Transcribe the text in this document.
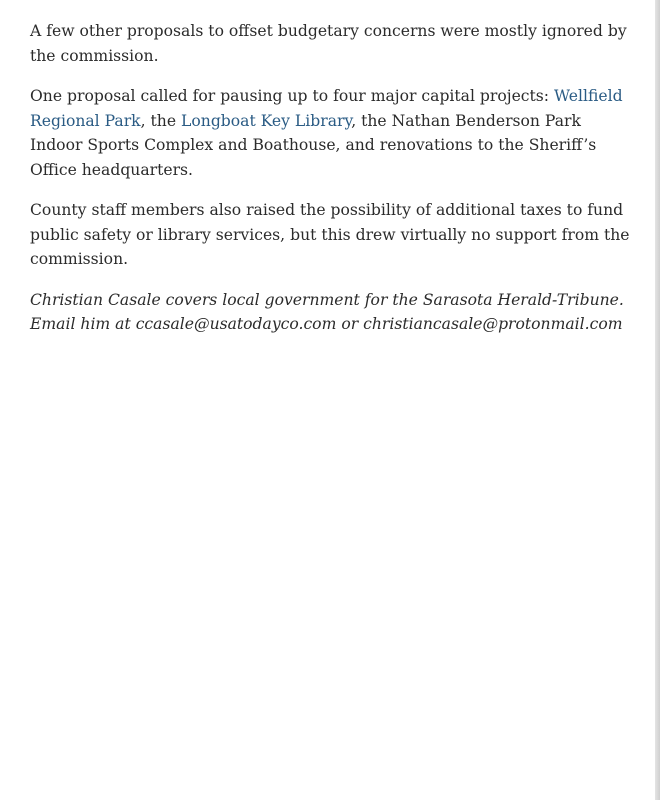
A few other proposals to offset budgetary concerns were mostly ignored by the commission.

One proposal called for pausing up to four major capital projects: Wellfield Regional Park, the Longboat Key Library, the Nathan Benderson Park Indoor Sports Complex and Boathouse, and renovations to the Sheriff’s Office headquarters.

County staff members also raised the possibility of additional taxes to fund public safety or library services, but this drew virtually no support from the commission.

Christian Casale covers local government for the Sarasota Herald-Tribune. Email him at ccasale@usatodayco.com or christiancasale@protonmail.com
